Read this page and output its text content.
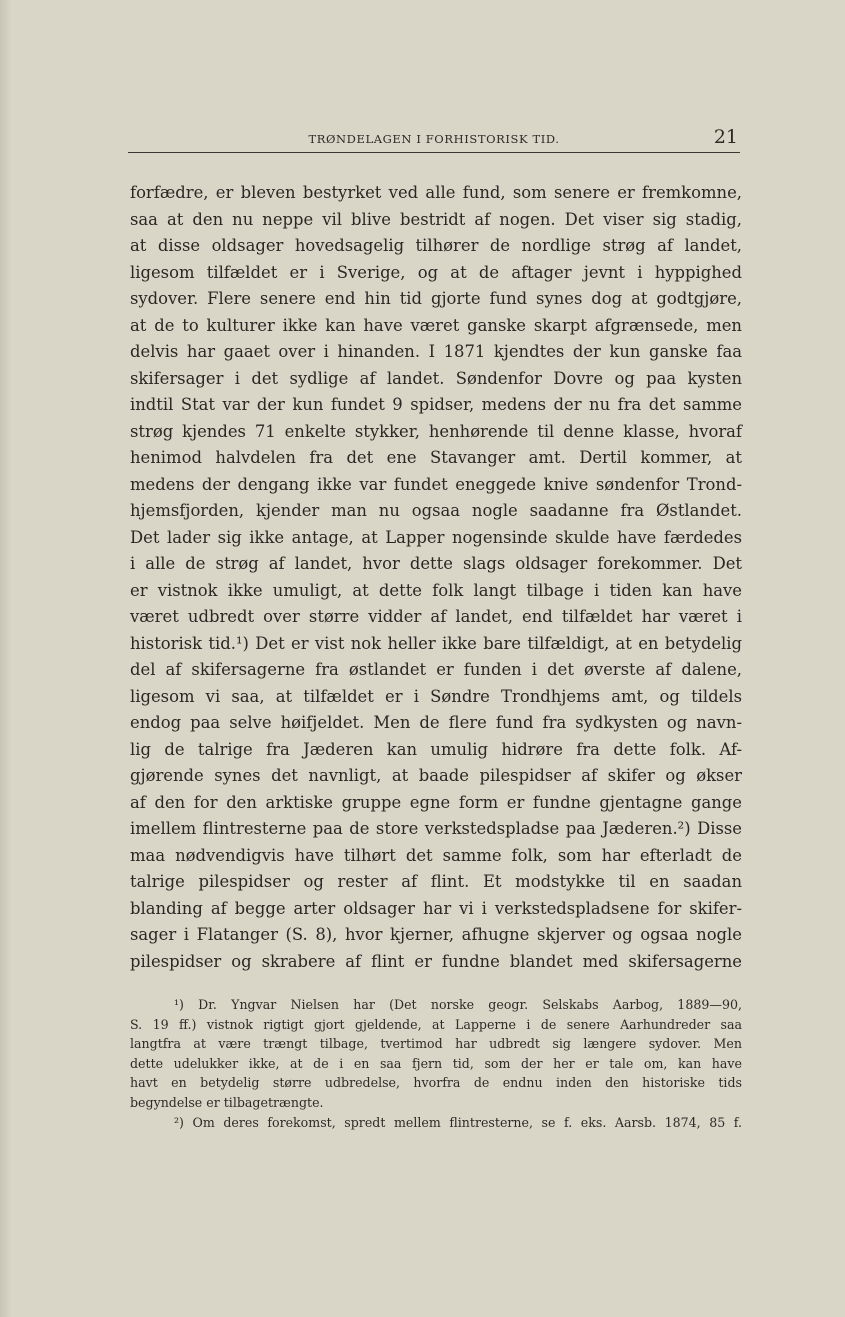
TRØNDELAGEN I FORHISTORISK TID.	21
forfædre, er bleven bestyrket ved alle fund, som senere er fremkomne,
saa at den nu neppe vil blive bestridt af nogen. Det viser sig stadig,
at disse oldsager hovedsagelig tilhører de nordlige strøg af landet,
ligesom tilfældet er i Sverige, og at de aftager jevnt i hyppighed
sydover. Flere senere end hin tid gjorte fund synes dog at godtgjøre,
at de to kulturer ikke kan have været ganske skarpt afgrænsede, men
delvis har gaaet over i hinanden. I 1871 kjendtes der kun ganske faa
skifersager i det sydlige af landet. Søndenfor Dovre og paa kysten
indtil Stat var der kun fundet 9 spidser, medens der nu fra det samme
strøg kjendes 71 enkelte stykker, henhørende til denne klasse, hvoraf
henimod halvdelen fra det ene Stavanger amt. Dertil kommer, at
medens der dengang ikke var fundet eneggede knive søndenfor Trond-
hjemsfjorden, kjender man nu ogsaa nogle saadanne fra Østlandet.
Det lader sig ikke antage, at Lapper nogensinde skulde have færdedes
i alle de strøg af landet, hvor dette slags oldsager forekommer. Det
er vistnok ikke umuligt, at dette folk langt tilbage i tiden kan have
været udbredt over større vidder af landet, end tilfældet har været i
historisk tid.¹) Det er vist nok heller ikke bare tilfældigt, at en betydelig
del af skifersagerne fra østlandet er funden i det øverste af dalene,
ligesom vi saa, at tilfældet er i Søndre Trondhjems amt, og tildels
endog paa selve høifjeldet. Men de flere fund fra sydkysten og navn-
lig de talrige fra Jæderen kan umulig hidrøre fra dette folk. Af-
gjørende synes det navnligt, at baade pilespidser af skifer og økser
af den for den arktiske gruppe egne form er fundne gjentagne gange
imellem flintresterne paa de store verkstedspladse paa Jæderen.²) Disse
maa nødvendigvis have tilhørt det samme folk, som har efterladt de
talrige pilespidser og rester af flint. Et modstykke til en saadan
blanding af begge arter oldsager har vi i verkstedspladsene for skifer-
sager i Flatanger (S. 8), hvor kjerner, afhugne skjerver og ogsaa nogle
pilespidser og skrabere af flint er fundne blandet med skifersagerne
¹) Dr. Yngvar Nielsen har (Det norske geogr. Selskabs Aarbog, 1889—90,
S. 19 ff.) vistnok rigtigt gjort gjeldende, at Lapperne i de senere Aarhundreder saa
langtfra at være trængt tilbage, tvertimod har udbredt sig længere sydover. Men
dette udelukker ikke, at de i en saa fjern tid, som der her er tale om, kan have
havt en betydelig større udbredelse, hvorfra de endnu inden den historiske tids
begyndelse er tilbagetrængte.
²) Om deres forekomst, spredt mellem flintresterne, se f. eks. Aarsb. 1874, 85 f.
